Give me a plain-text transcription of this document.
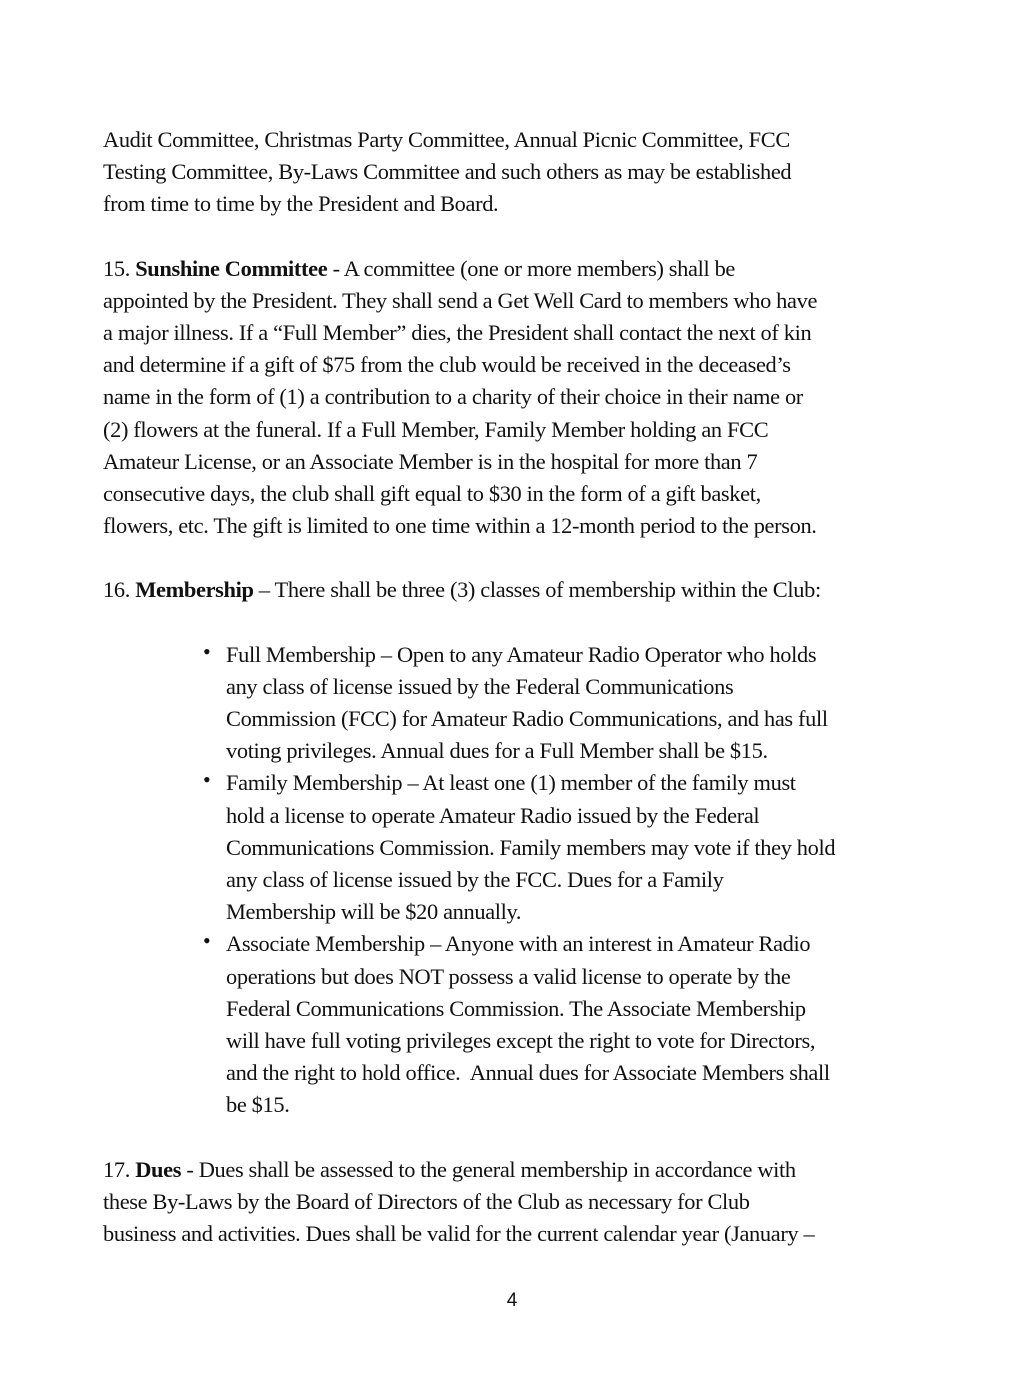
Audit Committee, Christmas Party Committee, Annual Picnic Committee, FCC
Testing Committee, By-Laws Committee and such others as may be established
from time to time by the President and Board.

15. Sunshine Committee - A committee (one or more members) shall be
appointed by the President. They shall send a Get Well Card to members who have
a major illness. If a “Full Member” dies, the President shall contact the next of kin
and determine if a gift of $75 from the club would be received in the deceased’s
name in the form of (1) a contribution to a charity of their choice in their name or
(2) flowers at the funeral. If a Full Member, Family Member holding an FCC
Amateur License, or an Associate Member is in the hospital for more than 7
consecutive days, the club shall gift equal to $30 in the form of a gift basket,
flowers, etc. The gift is limited to one time within a 12-month period to the person.

16. Membership – There shall be three (3) classes of membership within the Club:

• Full Membership – Open to any Amateur Radio Operator who holds
any class of license issued by the Federal Communications
Commission (FCC) for Amateur Radio Communications, and has full
voting privileges. Annual dues for a Full Member shall be $15.
• Family Membership – At least one (1) member of the family must
hold a license to operate Amateur Radio issued by the Federal
Communications Commission. Family members may vote if they hold
any class of license issued by the FCC. Dues for a Family
Membership will be $20 annually.
• Associate Membership – Anyone with an interest in Amateur Radio
operations but does NOT possess a valid license to operate by the
Federal Communications Commission. The Associate Membership
will have full voting privileges except the right to vote for Directors,
and the right to hold office.  Annual dues for Associate Members shall
be $15.

17. Dues - Dues shall be assessed to the general membership in accordance with
these By-Laws by the Board of Directors of the Club as necessary for Club
business and activities. Dues shall be valid for the current calendar year (January –

4
